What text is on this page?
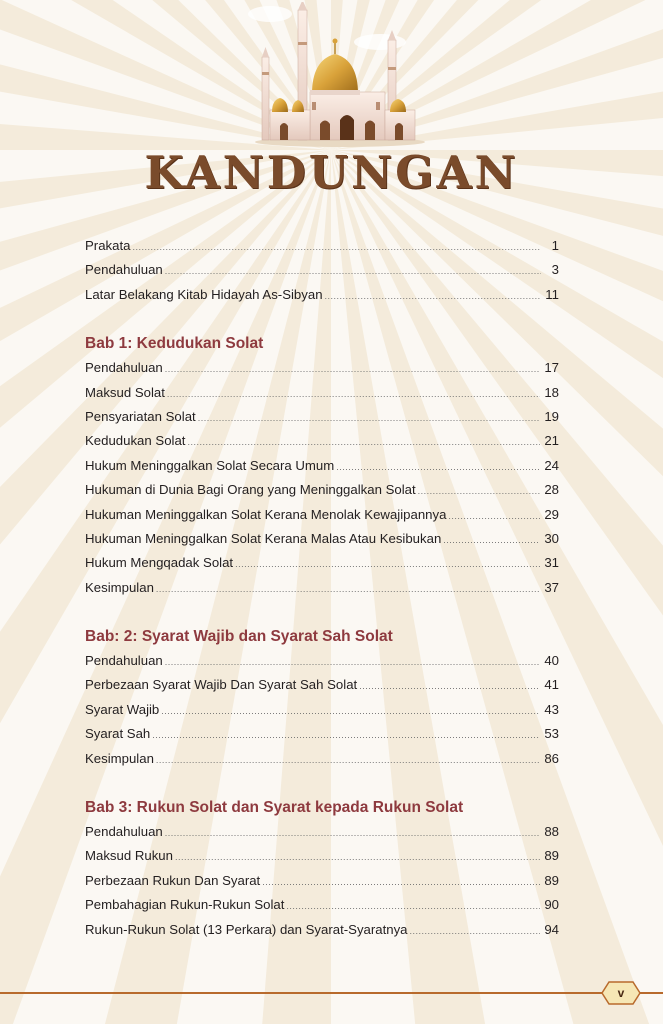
KANDUNGAN
Prakata .....	1
Pendahuluan .....	3
Latar Belakang Kitab Hidayah As-Sibyan .....	11
Bab 1: Kedudukan Solat
Pendahuluan .....	17
Maksud Solat .....	18
Pensyariatan Solat .....	19
Kedudukan Solat .....	21
Hukum Meninggalkan Solat Secara Umum .....	24
Hukuman di Dunia Bagi Orang yang Meninggalkan Solat .....	28
Hukuman Meninggalkan Solat Kerana Menolak Kewajipannya .....	29
Hukuman Meninggalkan Solat Kerana Malas Atau Kesibukan .....	30
Hukum Mengqadak Solat .....	31
Kesimpulan .....	37
Bab: 2: Syarat Wajib dan Syarat Sah Solat
Pendahuluan .....	40
Perbezaan Syarat Wajib Dan Syarat Sah Solat .....	41
Syarat Wajib .....	43
Syarat Sah .....	53
Kesimpulan .....	86
Bab 3: Rukun Solat dan Syarat kepada Rukun Solat
Pendahuluan .....	88
Maksud Rukun .....	89
Perbezaan Rukun Dan Syarat .....	89
Pembahagian Rukun-Rukun Solat .....	90
Rukun-Rukun Solat (13 Perkara) dan Syarat-Syaratnya .....	94
v
